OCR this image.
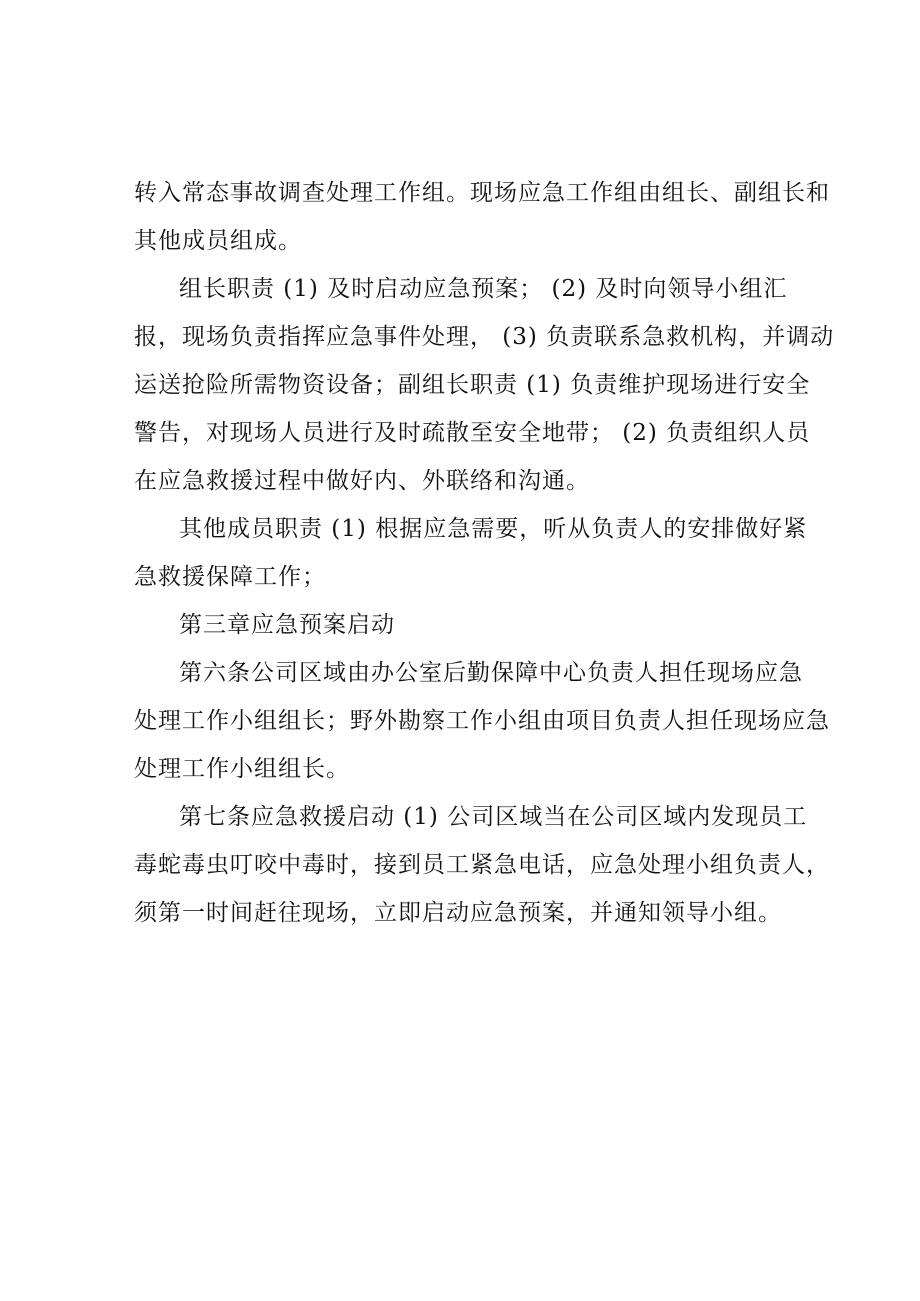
转入常态事故调查处理工作组。现场应急工作组由组长、副组长和
其他成员组成。
组长职责 (1) 及时启动应急预案； (2) 及时向领导小组汇
报，现场负责指挥应急事件处理， (3) 负责联系急救机构，并调动
运送抢险所需物资设备；副组长职责 (1) 负责维护现场进行安全
警告，对现场人员进行及时疏散至安全地带； (2) 负责组织人员
在应急救援过程中做好内、外联络和沟通。
其他成员职责 (1) 根据应急需要，听从负责人的安排做好紧
急救援保障工作；
第三章应急预案启动
第六条公司区域由办公室后勤保障中心负责人担任现场应急
处理工作小组组长；野外勘察工作小组由项目负责人担任现场应急
处理工作小组组长。
第七条应急救援启动 (1) 公司区域当在公司区域内发现员工
毒蛇毒虫叮咬中毒时，接到员工紧急电话，应急处理小组负责人，
须第一时间赶往现场，立即启动应急预案，并通知领导小组。
